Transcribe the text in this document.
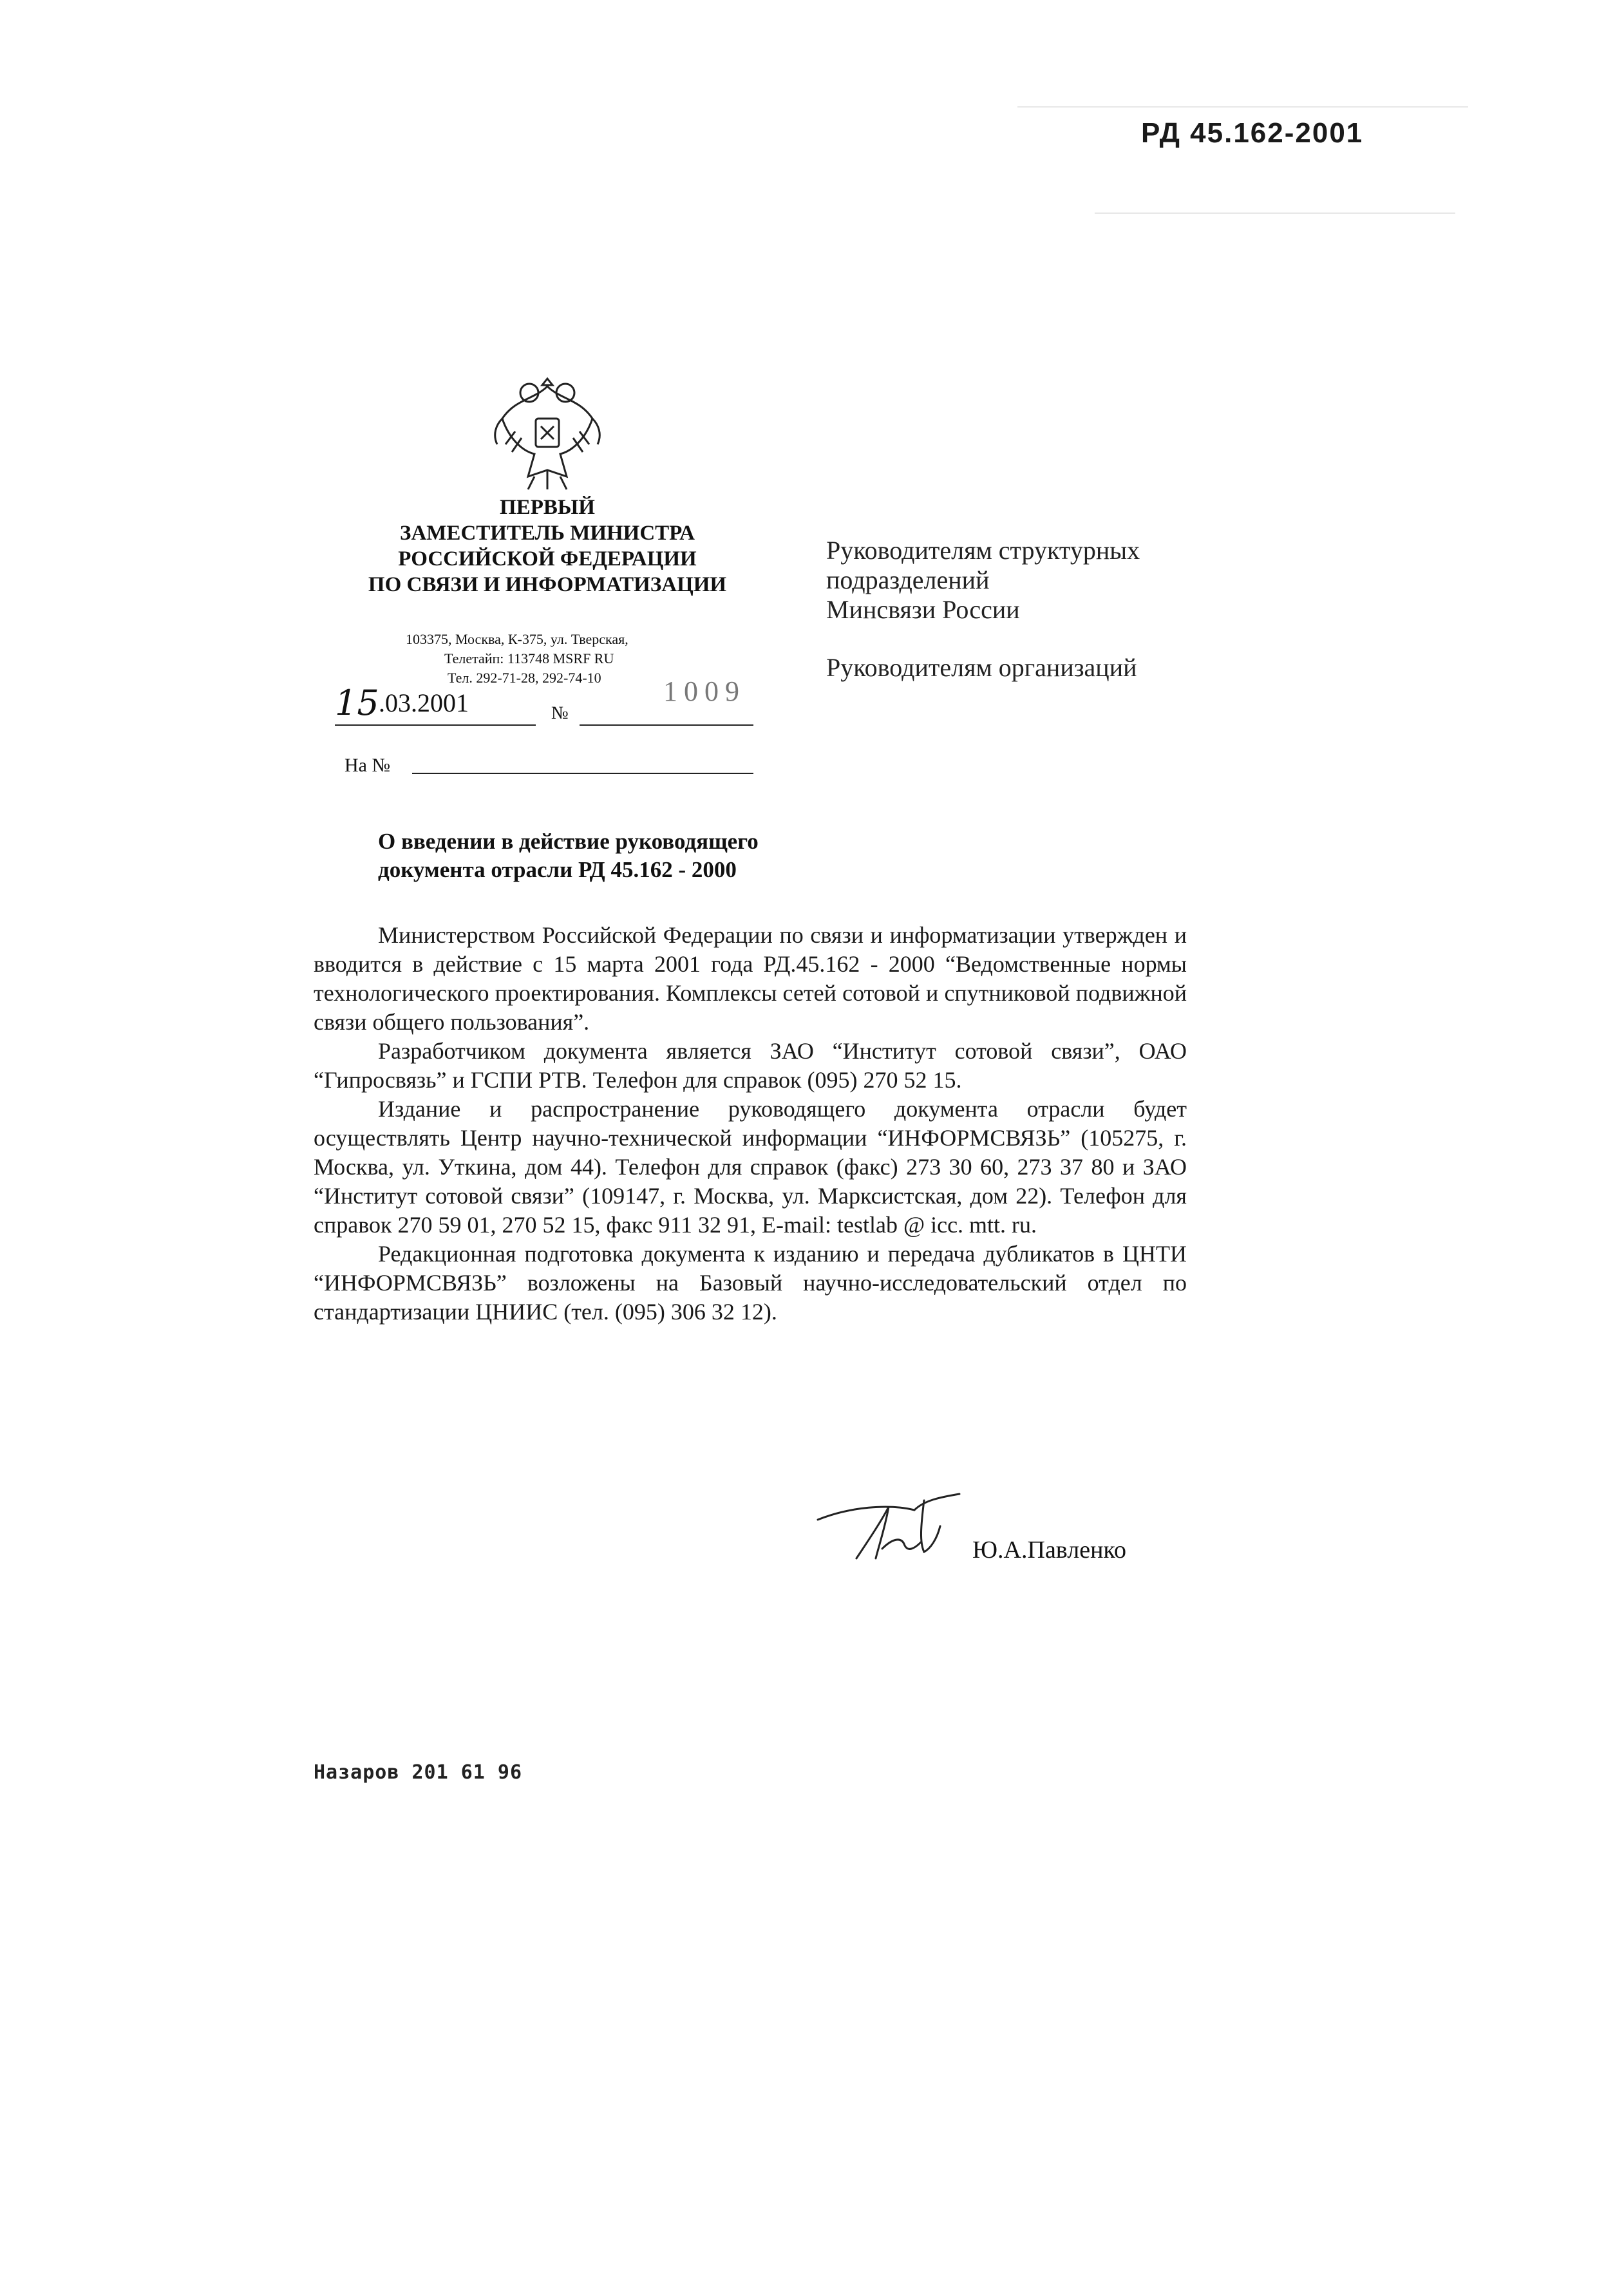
РД 45.162-2001
ПЕРВЫЙ
ЗАМЕСТИТЕЛЬ МИНИСТРА
РОССИЙСКОЙ ФЕДЕРАЦИИ
ПО СВЯЗИ И ИНФОРМАТИЗАЦИИ
103375, Москва, К-375, ул. Тверская,
Телетайп: 113748 MSRF RU
Тел. 292-71-28, 292-74-10
15 .03.2001	№
1009
На №
Руководителям структурных
подразделений
Минсвязи России
Руководителям организаций
О введении в действие руководящего
документа отрасли РД 45.162 - 2000

Министерством Российской Федерации по связи и информатизации утвержден и вводится в действие с 15 марта 2001 года РД.45.162 - 2000 “Ведомственные нормы технологического проектирования. Комплексы сетей сотовой и спутниковой подвижной связи общего пользования”.

Разработчиком документа является ЗАО “Институт сотовой связи”, ОАО “Гипросвязь” и ГСПИ РТВ. Телефон для справок (095) 270 52 15.

Издание и распространение руководящего документа отрасли будет осуществлять Центр научно-технической информации “ИНФОРМСВЯЗЬ” (105275, г. Москва, ул. Уткина, дом 44). Телефон для справок (факс) 273 30 60, 273 37 80 и ЗАО “Институт сотовой связи” (109147, г. Москва, ул. Марксистская, дом 22). Телефон для справок 270 59 01, 270 52 15, факс 911 32 91, E-mail: testlab @ icc. mtt. ru.

Редакционная подготовка документа к изданию и передача дубликатов в ЦНТИ “ИНФОРМСВЯЗЬ” возложены на Базовый научно-исследовательский отдел по стандартизации ЦНИИС (тел. (095) 306 32 12).

Ю.А.Павленко
Назаров 201 61 96
